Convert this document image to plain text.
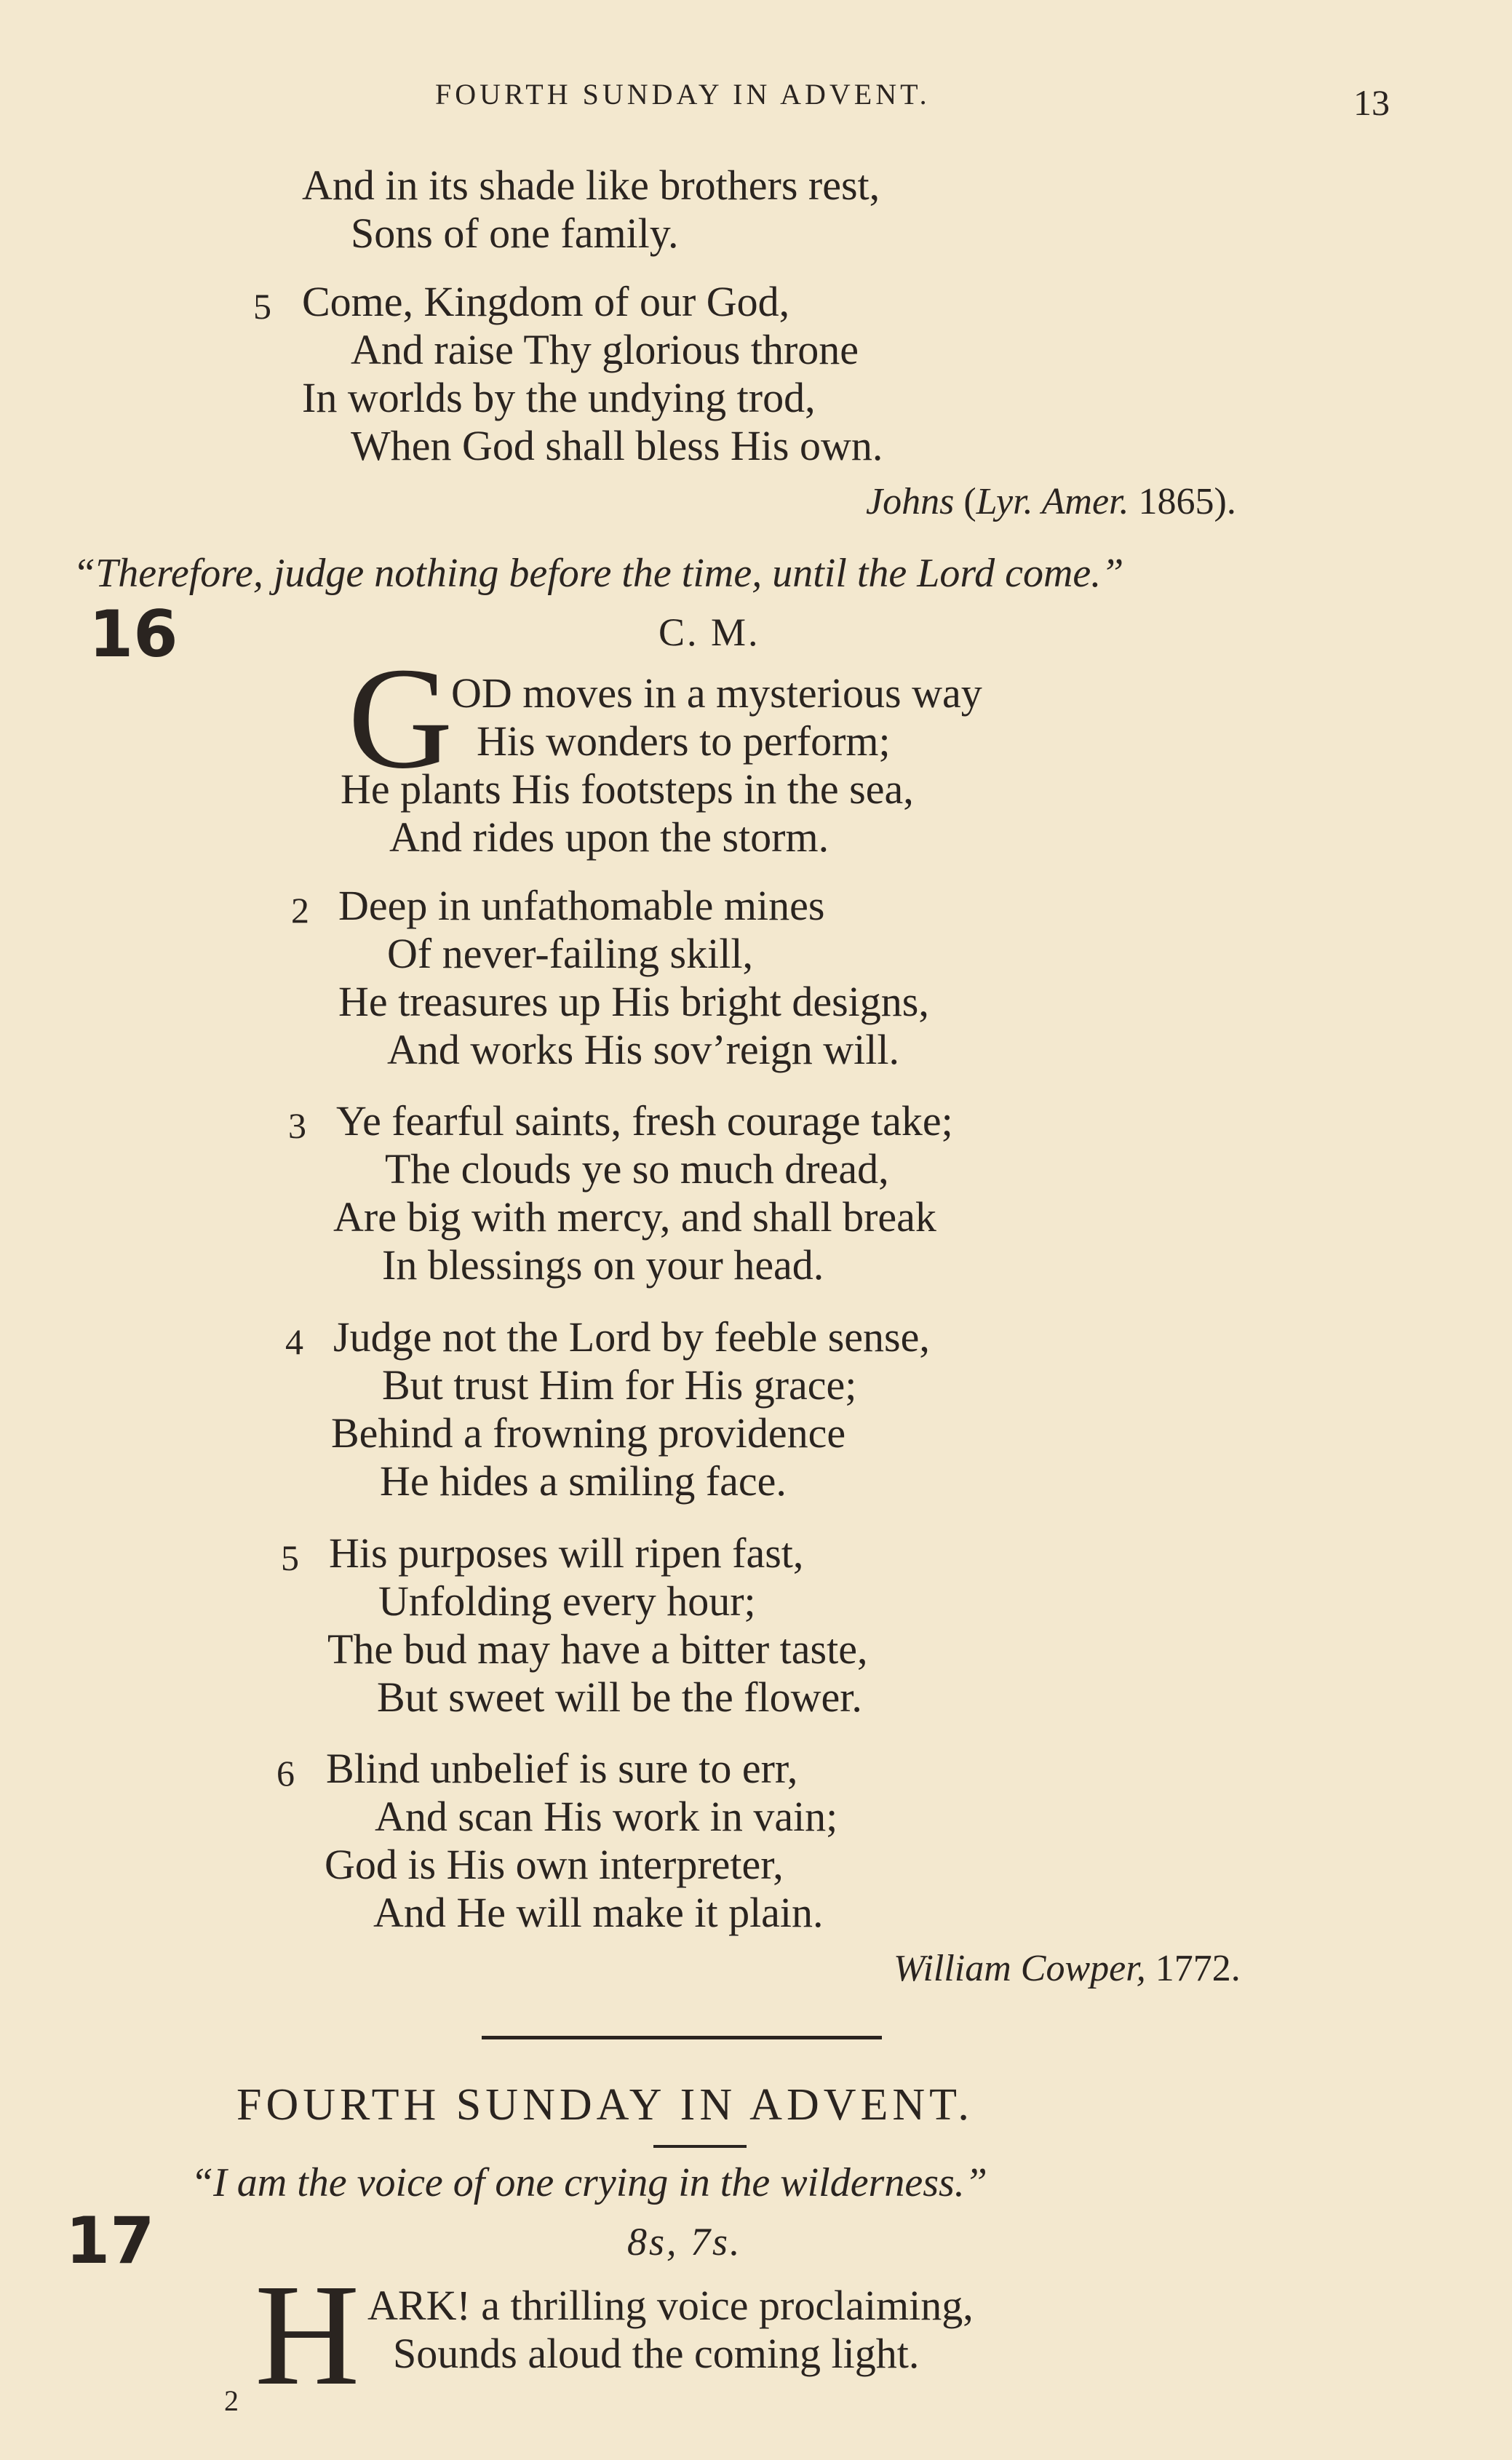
FOURTH SUNDAY IN ADVENT.	13
And in its shade like brothers rest,
Sons of one family.
5 Come, Kingdom of our God,
And raise Thy glorious throne
In worlds by the undying trod,
When God shall bless His own.
Johns (Lyr. Amer. 1865).
“Therefore, judge nothing before the time, until the Lord come.”
16	C. M.
G
OD moves in a mysterious way
His wonders to perform;
He plants His footsteps in the sea,
And rides upon the storm.
2 Deep in unfathomable mines
Of never-failing skill,
He treasures up His bright designs,
And works His sov’reign will.
3 Ye fearful saints, fresh courage take;
The clouds ye so much dread,
Are big with mercy, and shall break
In blessings on your head.
4 Judge not the Lord by feeble sense,
But trust Him for His grace;
Behind a frowning providence
He hides a smiling face.
5 His purposes will ripen fast,
Unfolding every hour;
The bud may have a bitter taste,
But sweet will be the flower.
6 Blind unbelief is sure to err,
And scan His work in vain;
God is His own interpreter,
And He will make it plain.
William Cowper, 1772.
FOURTH SUNDAY IN ADVENT.
“I am the voice of one crying in the wilderness.”
17	8s, 7s.
H ARK! a thrilling voice proclaiming,
Sounds aloud the coming light.
2
